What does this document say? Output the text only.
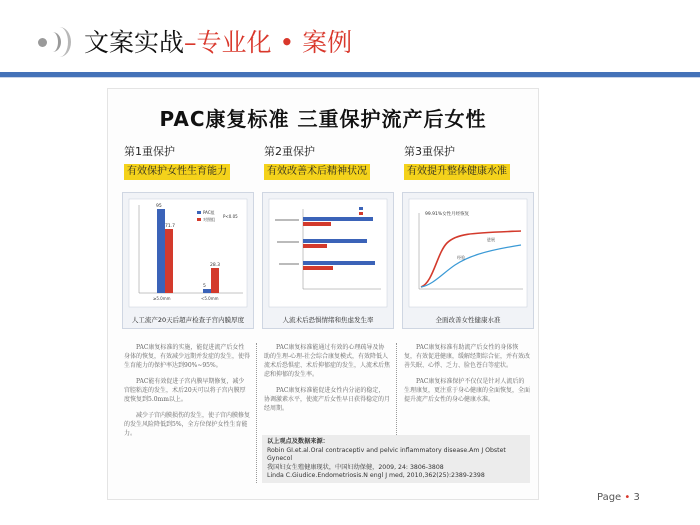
文案实战–专业化 • 案例
PAC康复标准 三重保护流产后女性
第1重保护
有效保护女性生育能力
第2重保护
有效改善术后精神状况
第3重保护
有效提升整体健康水准
95
71.7
28.3
5
≥5.0mm	<5.0mm
PAC组
对照组
P<0.05
人工流产20天后超声检查子宫内膜厚度	人流术后恐惧情绪和焦虑发生率
99.91%女性月经恢复
经验
进展
全面改善女性健康水准

PAC康复标准的实施，能促进流产后女性身体的恢复，有效减少远期并发症的发生，使得生育能力的保护率达到90%~95%。

PAC能有效促进子宫内膜早期修复，减少宫腔粘连的发生，术后20天可以将子宫内膜厚度恢复到5.0mm以上。

减少子宫内膜损伤的发生，使子宫内膜修复的发生风险降低到5%，全方位保护女性生育能力。

PAC康复标准能通过有效的心理疏导及协助的生理-心理-社会综合康复模式，有效降低人流术后恐惧症、术后抑郁症的发生，人流术后焦虑和抑郁的发生率。

PAC康复标准能促进女性内分泌的稳定，协调激素水平，使流产后女性早日获得稳定的月经周期。

PAC康复标准有助流产后女性的身体恢复，有效促进健康，缓解经期综合征，并有效改善失眠、心悸、乏力、脸色苍白等症状。

PAC康复标准保护不仅仅是针对人流后的生理康复，更注重于身心健康的全面恢复，全面提升流产后女性的身心健康水准。

以上观点及数据来源：
Robin GI.et.al.Oral contraceptiv and pelvic inflammatory disease.Am J Obstet Gynecol
我国妇女生殖健康现状，中国妇幼保健，2009, 24: 3806-3808
Linda C.Giudice.Endometriosis.N engl J med, 2010,362(25):2389-2398
Page • 3
